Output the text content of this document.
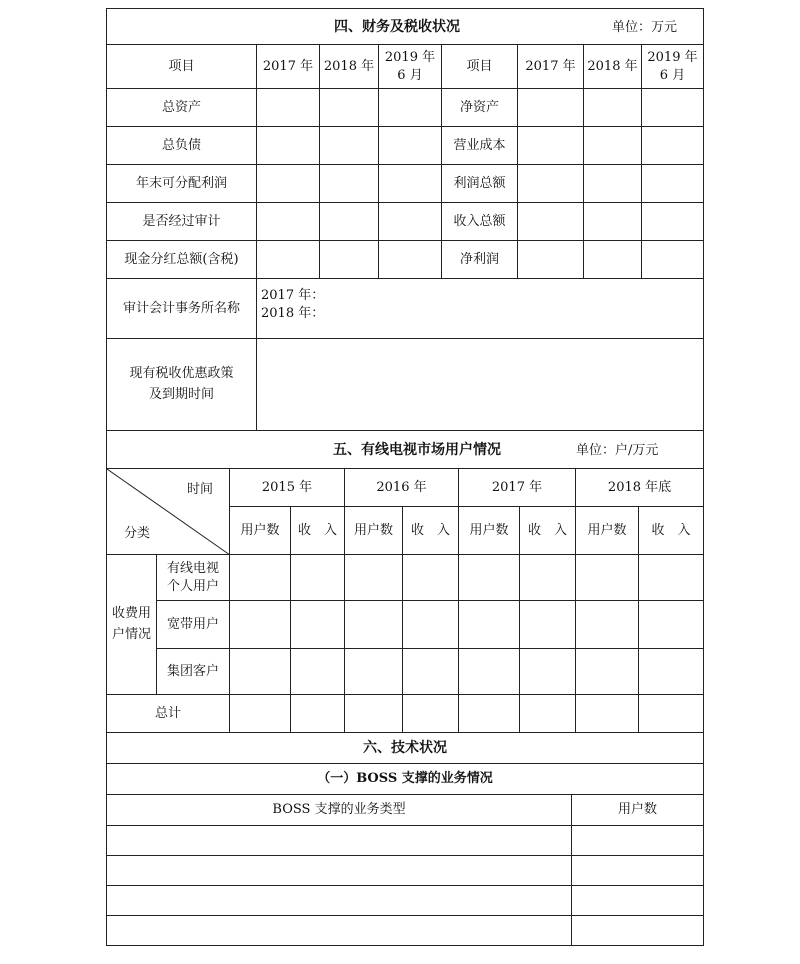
四、财务及税收状况 单位：万元							

项目	2017 年	2018 年	2019 年6 月	项目	2017 年	2018 年	2019 年6 月
总资产				净资产			
总负债				营业成本			
年末可分配利润				利润总额			
是否经过审计				收入总额			
现金分红总额(含税)				净利润			
审计会计事务所名称	2017 年：
2018 年：						

现有税收优惠政策
及到期时间							

五、有线电视市场用户情况 单位：户/万元									

时间
分类		2015 年		2016 年		2017 年		2018 年底	
		用户数	收　入	用户数	收　入	用户数	收　入	用户数	收　入

收费用
户情况	有线电视个人用户								
	宽带用户								
	集团客户								
总计									
六、技术状况	
（一）BOSS 支撑的业务情况	
BOSS 支撑的业务类型	用户数
